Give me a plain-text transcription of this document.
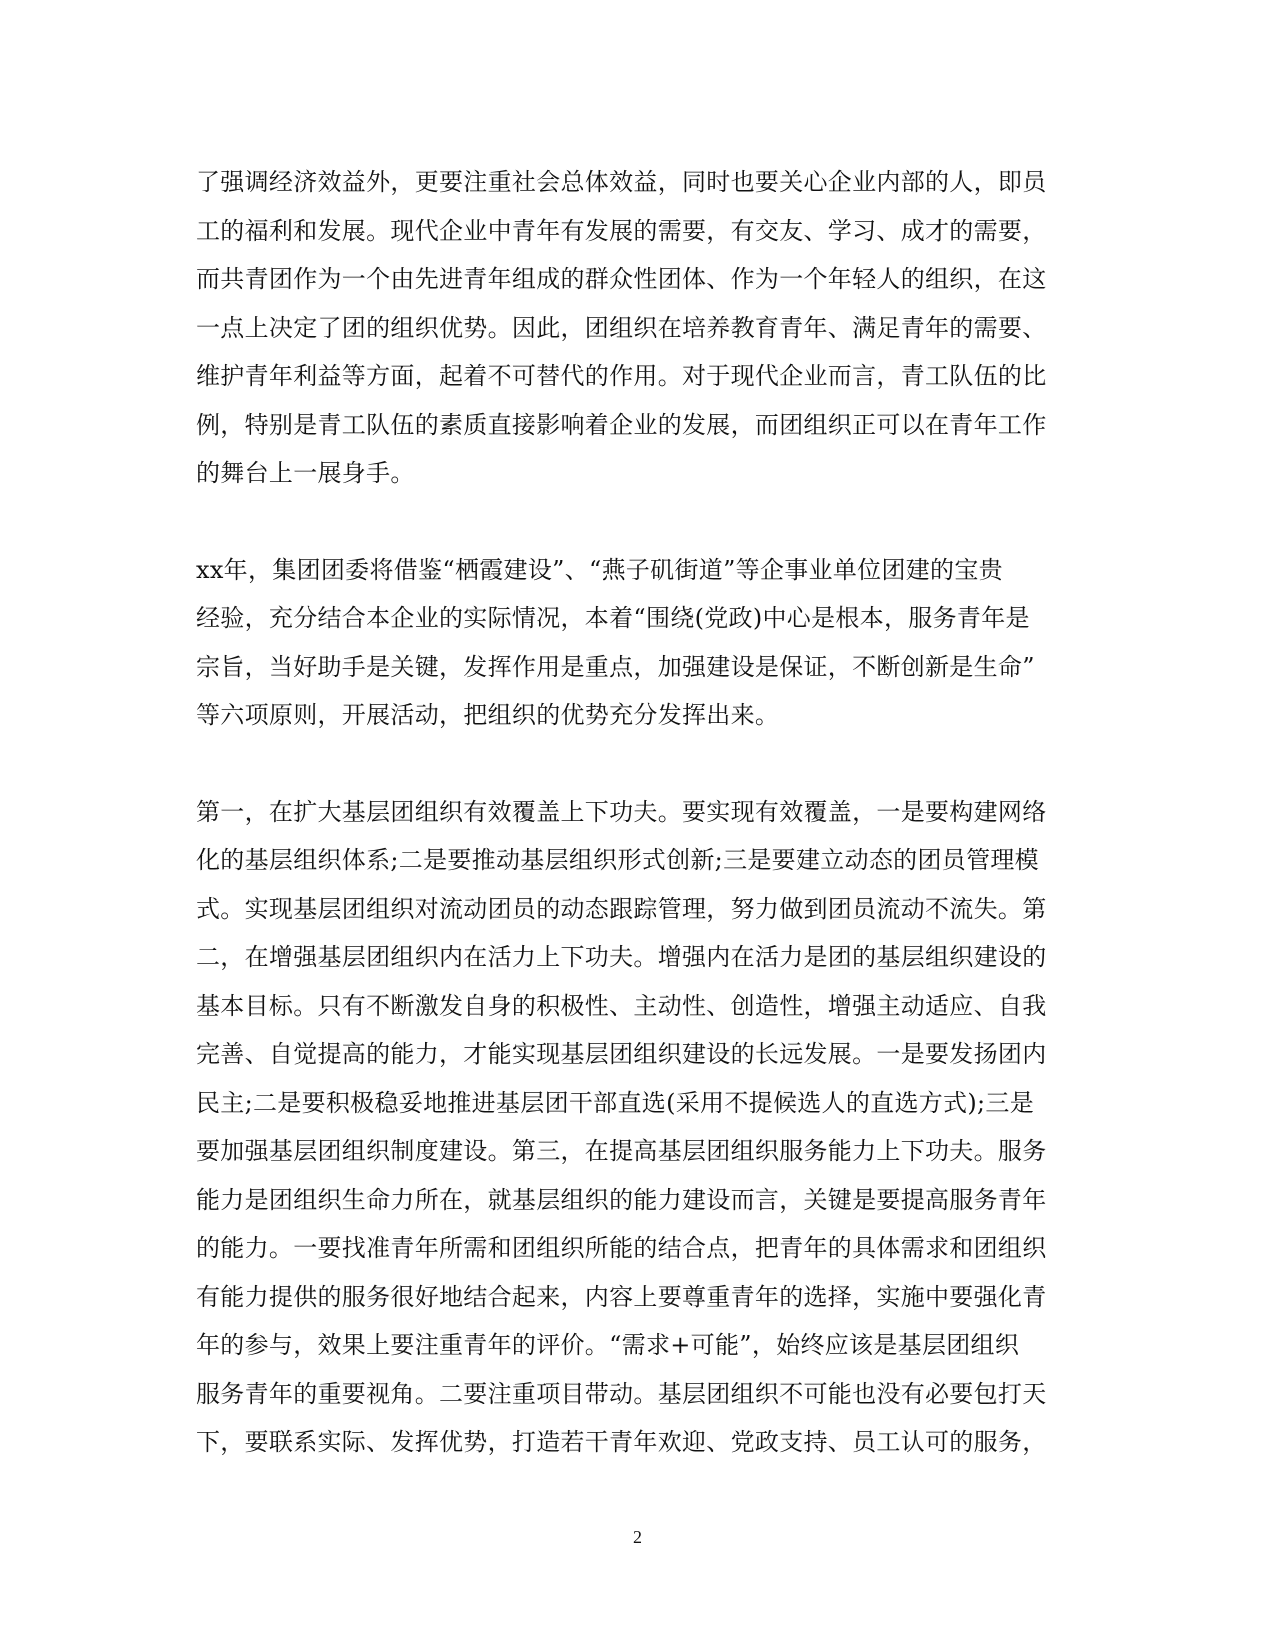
了强调经济效益外，更要注重社会总体效益，同时也要关心企业内部的人，即员
工的福利和发展。现代企业中青年有发展的需要，有交友、学习、成才的需要，
而共青团作为一个由先进青年组成的群众性团体、作为一个年轻人的组织，在这
一点上决定了团的组织优势。因此，团组织在培养教育青年、满足青年的需要、
维护青年利益等方面，起着不可替代的作用。对于现代企业而言，青工队伍的比
例，特别是青工队伍的素质直接影响着企业的发展，而团组织正可以在青年工作
的舞台上一展身手。

xx年，集团团委将借鉴“栖霞建设”、“燕子矶街道”等企事业单位团建的宝贵
经验，充分结合本企业的实际情况，本着“围绕(党政)中心是根本，服务青年是
宗旨，当好助手是关键，发挥作用是重点，加强建设是保证，不断创新是生命”
等六项原则，开展活动，把组织的优势充分发挥出来。

第一，在扩大基层团组织有效覆盖上下功夫。要实现有效覆盖，一是要构建网络
化的基层组织体系;二是要推动基层组织形式创新;三是要建立动态的团员管理模
式。实现基层团组织对流动团员的动态跟踪管理，努力做到团员流动不流失。第
二，在增强基层团组织内在活力上下功夫。增强内在活力是团的基层组织建设的
基本目标。只有不断激发自身的积极性、主动性、创造性，增强主动适应、自我
完善、自觉提高的能力，才能实现基层团组织建设的长远发展。一是要发扬团内
民主;二是要积极稳妥地推进基层团干部直选(采用不提候选人的直选方式);三是
要加强基层团组织制度建设。第三，在提高基层团组织服务能力上下功夫。服务
能力是团组织生命力所在，就基层组织的能力建设而言，关键是要提高服务青年
的能力。一要找准青年所需和团组织所能的结合点，把青年的具体需求和团组织
有能力提供的服务很好地结合起来，内容上要尊重青年的选择，实施中要强化青
年的参与，效果上要注重青年的评价。“需求+可能”，始终应该是基层团组织
服务青年的重要视角。二要注重项目带动。基层团组织不可能也没有必要包打天
下，要联系实际、发挥优势，打造若干青年欢迎、党政支持、员工认可的服务，

2
